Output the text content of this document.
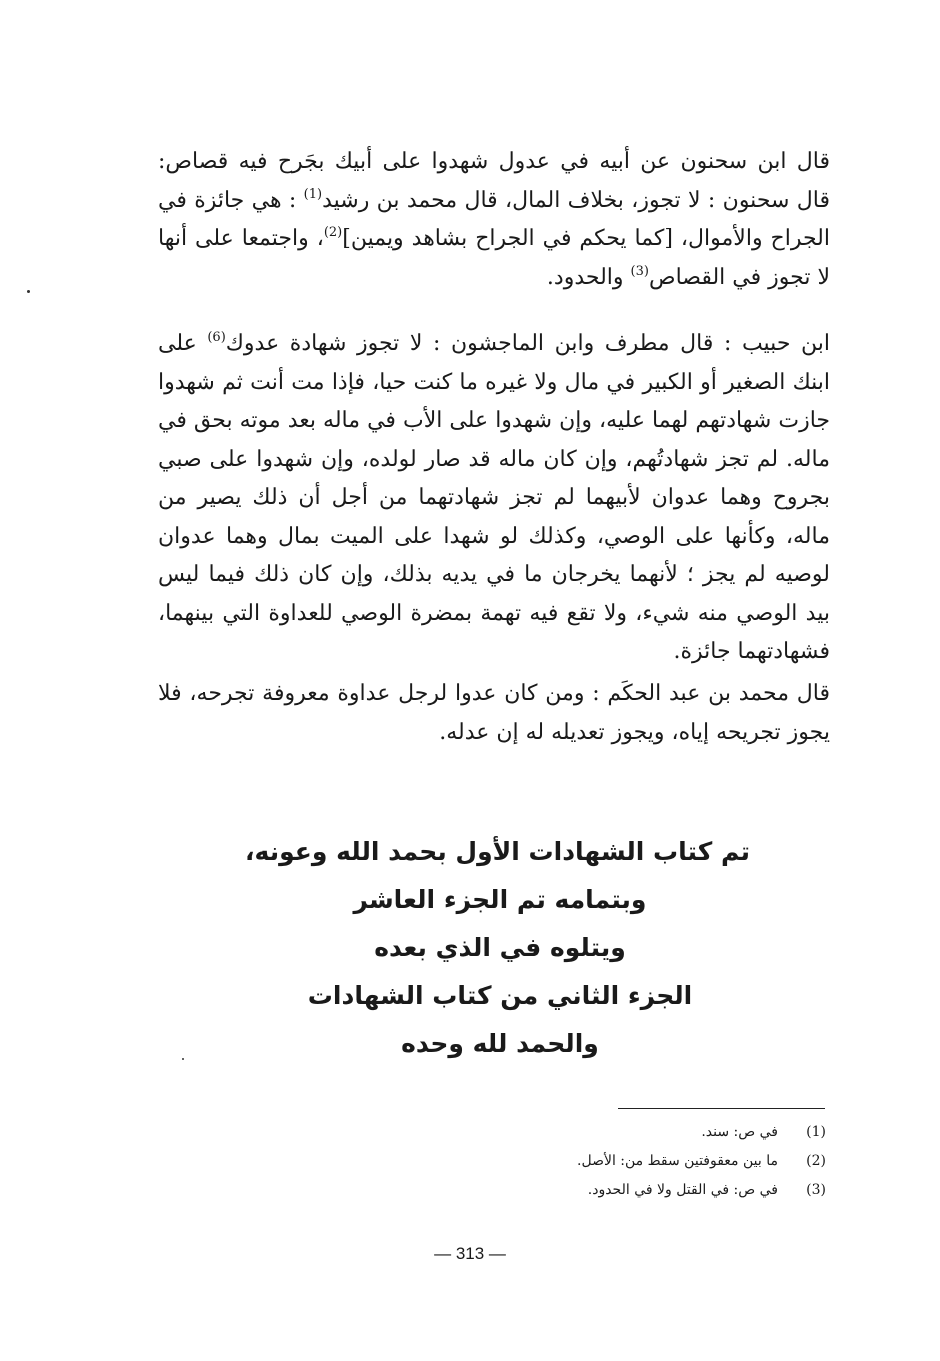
قال ابن سحنون عن أبيه في عدول شهدوا على أبيك بجَرح فيه قصاص: قال سحنون : لا تجوز، بخلاف المال، قال محمد بن رشيد$^{(1)}$ : هي جائزة في الجراح والأموال، [كما يحكم في الجراح بشاهد ويمين]$^{(2)}$، واجتمعا على أنها لا تجوز في القصاص$^{(3)}$ والحدود.

ابن حبيب : قال مطرف وابن الماجشون : لا تجوز شهادة عدوك$^{(6)}$ على ابنك الصغير أو الكبير في مال ولا غيره ما كنت حيا، فإذا مت أنت ثم شهدوا جازت شهادتهم لهما عليه، وإن شهدوا على الأب في ماله بعد موته بحق في ماله. لم تجز شهادتُهم، وإن كان ماله قد صار لولده، وإن شهدوا على صبي بجروح وهما عدوان لأبيهما لم تجز شهادتهما من أجل أن ذلك يصير من ماله، وكأنها على الوصي، وكذلك لو شهدا على الميت بمال وهما عدوان لوصيه لم يجز ؛ لأنهما يخرجان ما في يديه بذلك، وإن كان ذلك فيما ليس بيد الوصي منه شيء، ولا تقع فيه تهمة بمضرة الوصي للعداوة التي بينهما، فشهادتهما جائزة.

قال محمد بن عبد الحكَم : ومن كان عدوا لرجل عداوة معروفة تجرحه، فلا يجوز تجريحه إياه، ويجوز تعديله له إن عدله.

تم كتاب الشهادات الأول بحمد الله وعونه،
وبتمامه تم الجزء العاشر
ويتلوه في الذي بعده
الجزء الثاني من كتاب الشهادات
والحمد لله وحده
(1)
في ص: سند.
(2)
ما بين معقوفتين سقط من: الأصل.
(3)
في ص: في القتل ولا في الحدود.
— 313 —
